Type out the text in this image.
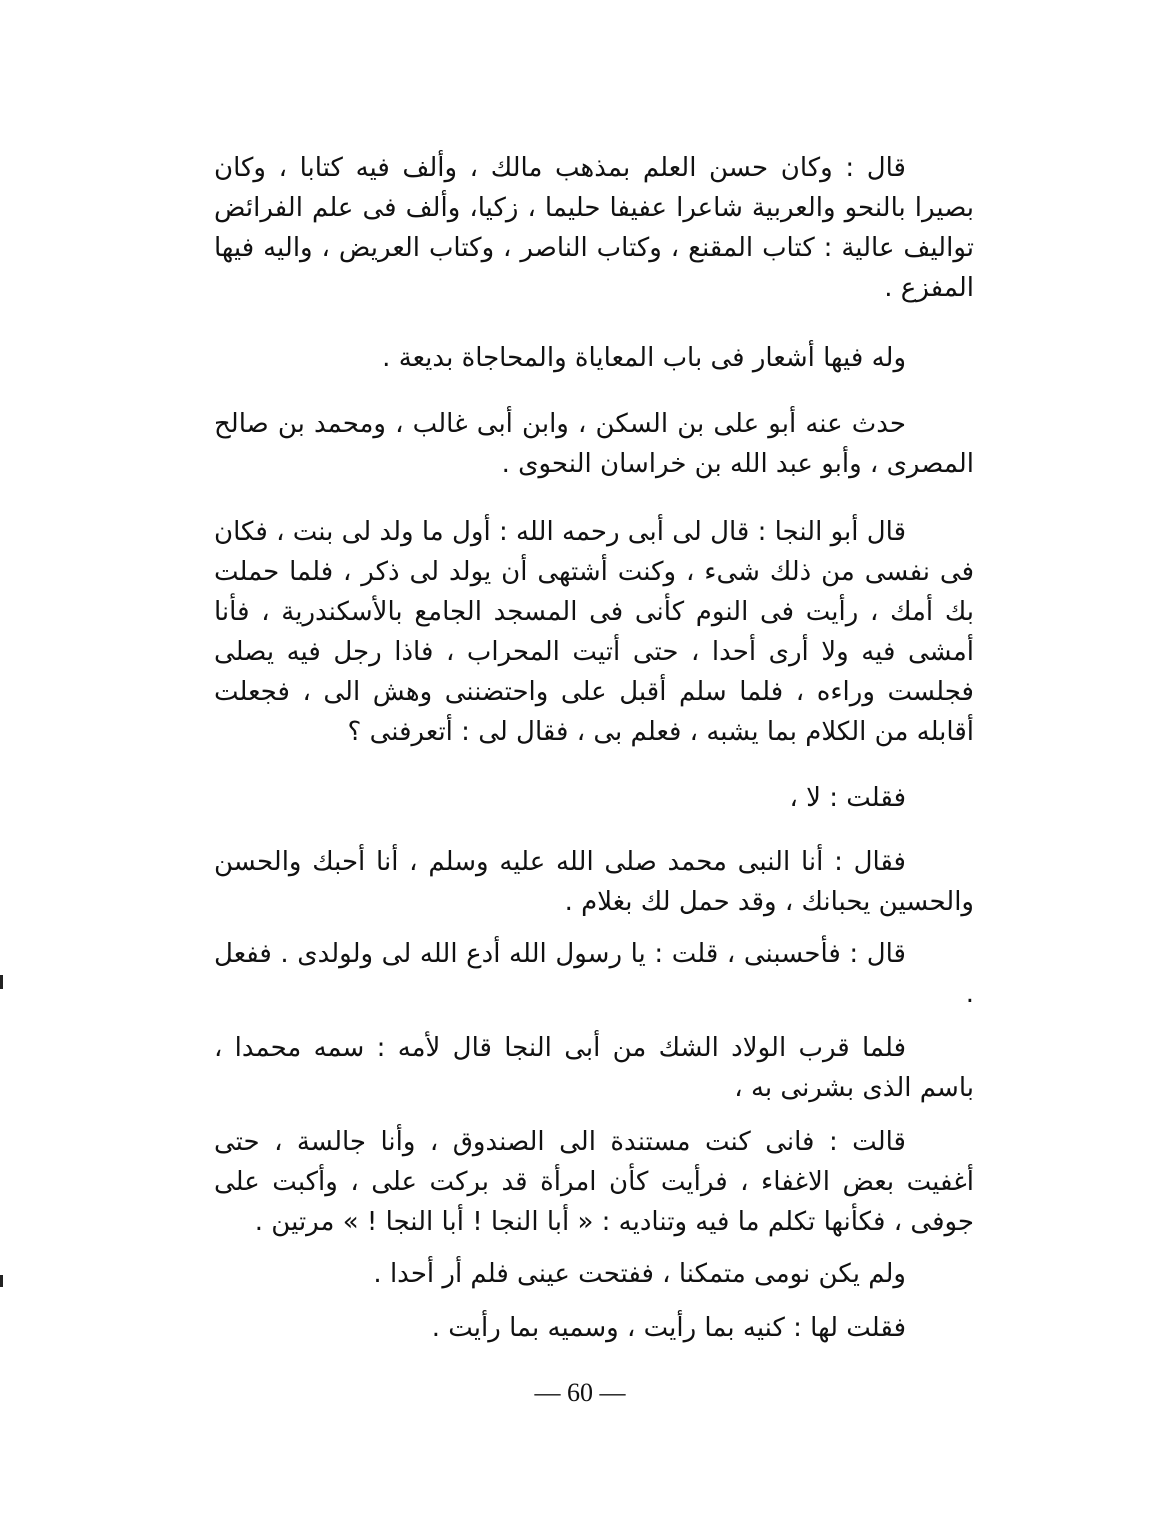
قال : وكان حسن العلم بمذهب مالك ، وألف فيه كتابا ، وكان بصيرا بالنحو والعربية شاعرا عفيفا حليما ، زكيا، وألف فى علم الفرائض تواليف عالية : كتاب المقنع ، وكتاب الناصر ، وكتاب العريض ، واليه فيها المفزع .

وله فيها أشعار فى باب المعاياة والمحاجاة بديعة .

حدث عنه أبو على بن السكن ، وابن أبى غالب ، ومحمد بن صالح المصرى ، وأبو عبد الله بن خراسان النحوى .

قال أبو النجا : قال لى أبى رحمه الله : أول ما ولد لى بنت ، فكان فى نفسى من ذلك شىء ، وكنت أشتهى أن يولد لى ذكر ، فلما حملت بك أمك ، رأيت فى النوم كأنى فى المسجد الجامع بالأسكندرية ، فأنا أمشى فيه ولا أرى أحدا ، حتى أتيت المحراب ، فاذا رجل فيه يصلى فجلست وراءه ، فلما سلم أقبل على واحتضننى وهش الى ، فجعلت أقابله من الكلام بما يشبه ، فعلم بى ، فقال لى : أتعرفنى ؟

فقلت : لا ،

فقال : أنا النبى محمد صلى الله عليه وسلم ، أنا أحبك والحسن والحسين يحبانك ، وقد حمل لك بغلام .

قال : فأحسبنى ، قلت : يا رسول الله أدع الله لى ولولدى . ففعل .

فلما قرب الولاد الشك من أبى النجا قال لأمه : سمه محمدا ، باسم الذى بشرنى به ،

قالت : فانى كنت مستندة الى الصندوق ، وأنا جالسة ، حتى أغفيت بعض الاغفاء ، فرأيت كأن امرأة قد بركت على ، وأكبت على جوفى ، فكأنها تكلم ما فيه وتناديه : « أبا النجا ! أبا النجا ! » مرتين .

ولم يكن نومى متمكنا ، ففتحت عينى فلم أر أحدا .

فقلت لها : كنيه بما رأيت ، وسميه بما رأيت .

— 60 —
